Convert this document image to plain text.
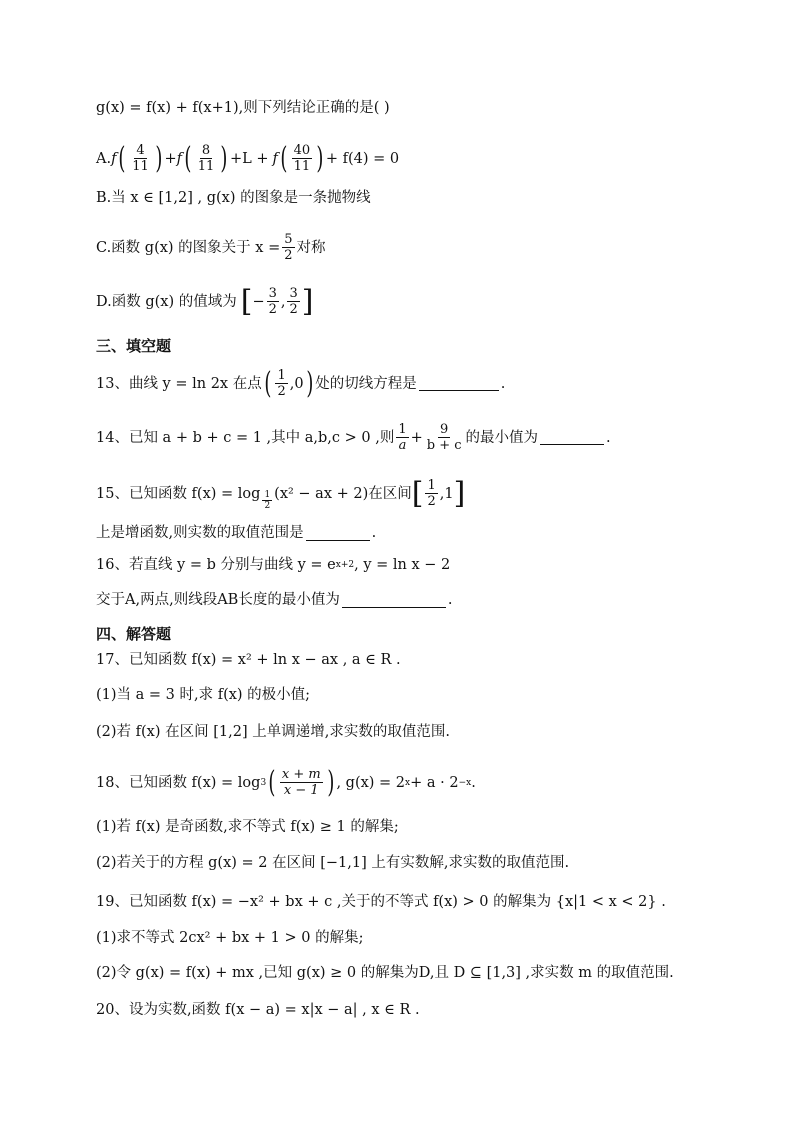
g(x) = f(x) + f(x+1),则下列结论正确的是( )
A. f ( $\frac{4}{11}$ ) + f ( $\frac{8}{11}$ ) +L + f ( $\frac{40}{11}$ ) + f(4) = 0
B.当 x ∈ [1,2] , g(x) 的图象是一条抛物线
C.函数 g(x) 的图象关于 $x = \frac{5}{2}$ 对称
D.函数 g(x) 的值域为 [ − $\frac{3}{2}$ , $\frac{3}{2}$ ]
三、填空题
13、曲线 y = ln 2x 在点 ( $\frac{1}{2} ,0$ ) 处的切线方程是	.
14、已知 a + b + c = 1 ,其中 a,b,c > 0 ,则 $\frac{1}{a} + \frac{9}{b + c}$ 的最小值为	.
15、已知函数 $f(x) = \log \frac{1}{2} (x^2$ − ax + 2)在区间 [ $\frac{1}{2} ,1$ ]
上是增函数,则实数的取值范围是	.
16、若直线 y = b 分别与曲线 y = e x+2 , y = ln x − 2
交于A,两点,则线段AB长度的最小值为	.
四、解答题
17、已知函数 f(x) = x² + ln x − ax , a ∈ R .
(1)当 a = 3 时,求 f(x) 的极小值;
(2)若 f(x) 在区间 [1,2] 上单调递增,求实数的取值范围.
18、已知函数 f(x) = log 3 ( $\frac{x + m}{x - 1}$ ) , g(x) = 2 x + a · 2 −x .
(1)若 f(x) 是奇函数,求不等式 f(x) ≥ 1 的解集;
(2)若关于的方程 g(x) = 2 在区间 [−1,1] 上有实数解,求实数的取值范围.
19、已知函数 f(x) = −x² + bx + c ,关于的不等式 f(x) > 0 的解集为 {x|1 < x < 2} .
(1)求不等式 2cx² + bx + 1 > 0 的解集;
(2)令 g(x) = f(x) + mx ,已知 g(x) ≥ 0 的解集为D,且 D ⊆ [1,3] ,求实数 m 的取值范围.
20、设为实数,函数 f(x − a) = x|x − a| , x ∈ R .
